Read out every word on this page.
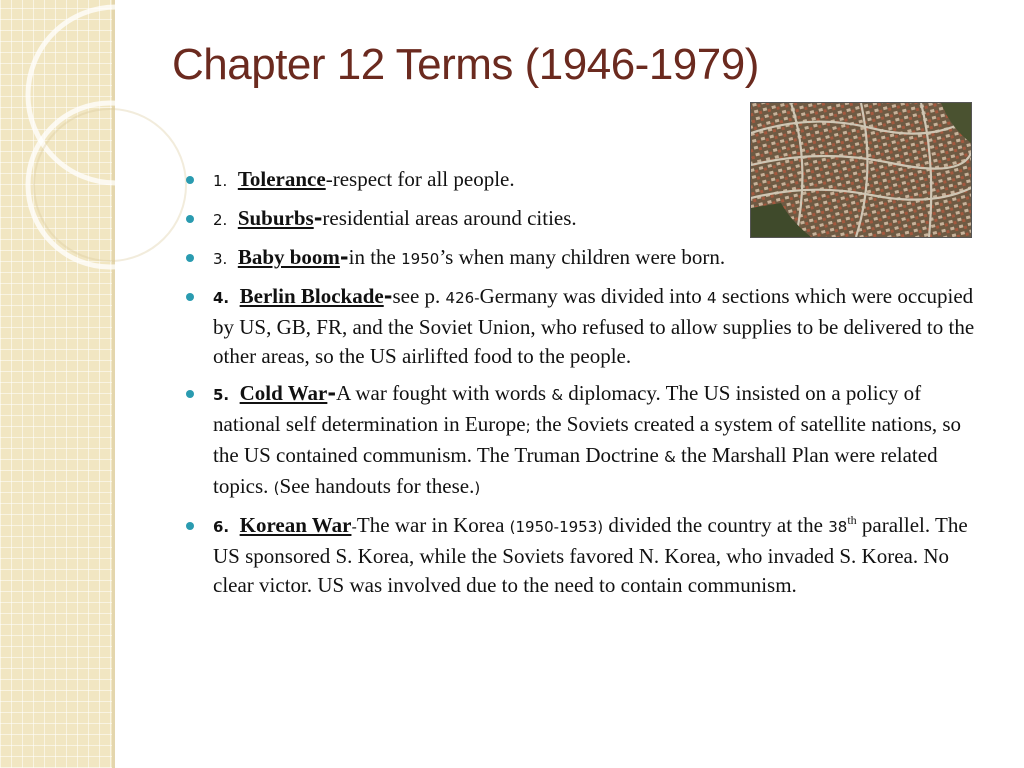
Chapter 12 Terms (1946-1979)
1. Tolerance-respect for all people.
2. Suburbs-residential areas around cities.
3. Baby boom-in the 1950’s when many children were born.
4. Berlin Blockade-see p. 426-Germany was divided into 4 sections which were occupied by US, GB, FR, and the Soviet Union, who refused to allow supplies to be delivered to the other areas, so the US airlifted food to the people.
5. Cold War-A war fought with words & diplomacy. The US insisted on a policy of national self determination in Europe; the Soviets created a system of satellite nations, so the US contained communism. The Truman Doctrine & the Marshall Plan were related topics. (See handouts for these.)
6. Korean War-The war in Korea (1950-1953) divided the country at the 38th parallel. The US sponsored S. Korea, while the Soviets favored N. Korea, who invaded S. Korea. No clear victor. US was involved due to the need to contain communism.
